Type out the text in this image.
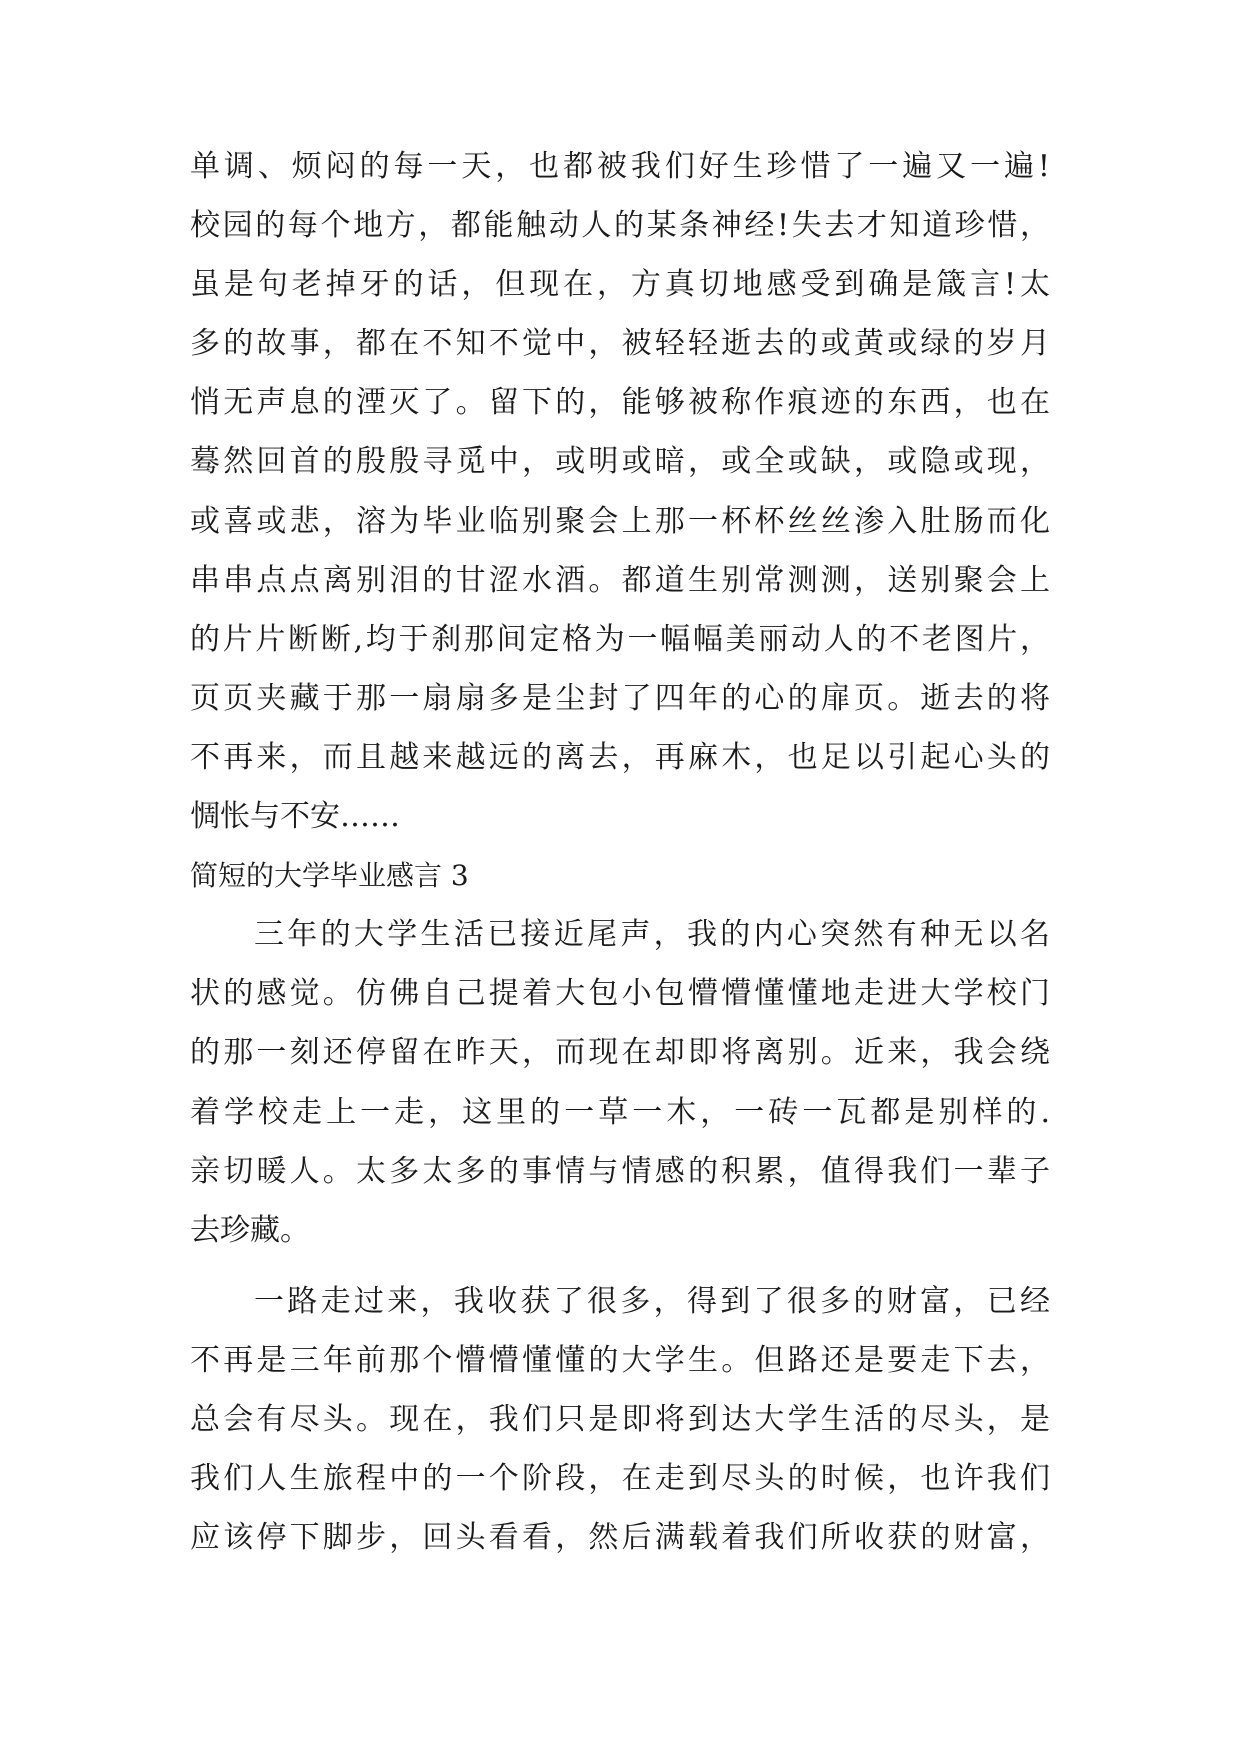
单调、烦闷的每一天，也都被我们好生珍惜了一遍又一遍!
校园的每个地方，都能触动人的某条神经!失去才知道珍惜，
虽是句老掉牙的话，但现在，方真切地感受到确是箴言!太
多的故事，都在不知不觉中，被轻轻逝去的或黄或绿的岁月
悄无声息的湮灭了。留下的，能够被称作痕迹的东西，也在
蓦然回首的殷殷寻觅中，或明或暗，或全或缺，或隐或现，
或喜或悲，溶为毕业临别聚会上那一杯杯丝丝渗入肚肠而化
串串点点离别泪的甘涩水酒。都道生别常测测，送别聚会上
的片片断断,均于刹那间定格为一幅幅美丽动人的不老图片，
页页夹藏于那一扇扇多是尘封了四年的心的扉页。逝去的将
不再来，而且越来越远的离去，再麻木，也足以引起心头的
惆怅与不安……
简短的大学毕业感言 3
三年的大学生活已接近尾声，我的内心突然有种无以名
状的感觉。仿佛自己提着大包小包懵懵懂懂地走进大学校门
的那一刻还停留在昨天，而现在却即将离别。近来，我会绕
着学校走上一走，这里的一草一木，一砖一瓦都是别样的.
亲切暖人。太多太多的事情与情感的积累，值得我们一辈子
去珍藏。
一路走过来，我收获了很多，得到了很多的财富，已经
不再是三年前那个懵懵懂懂的大学生。但路还是要走下去，
总会有尽头。现在，我们只是即将到达大学生活的尽头，是
我们人生旅程中的一个阶段，在走到尽头的时候，也许我们
应该停下脚步，回头看看，然后满载着我们所收获的财富，
